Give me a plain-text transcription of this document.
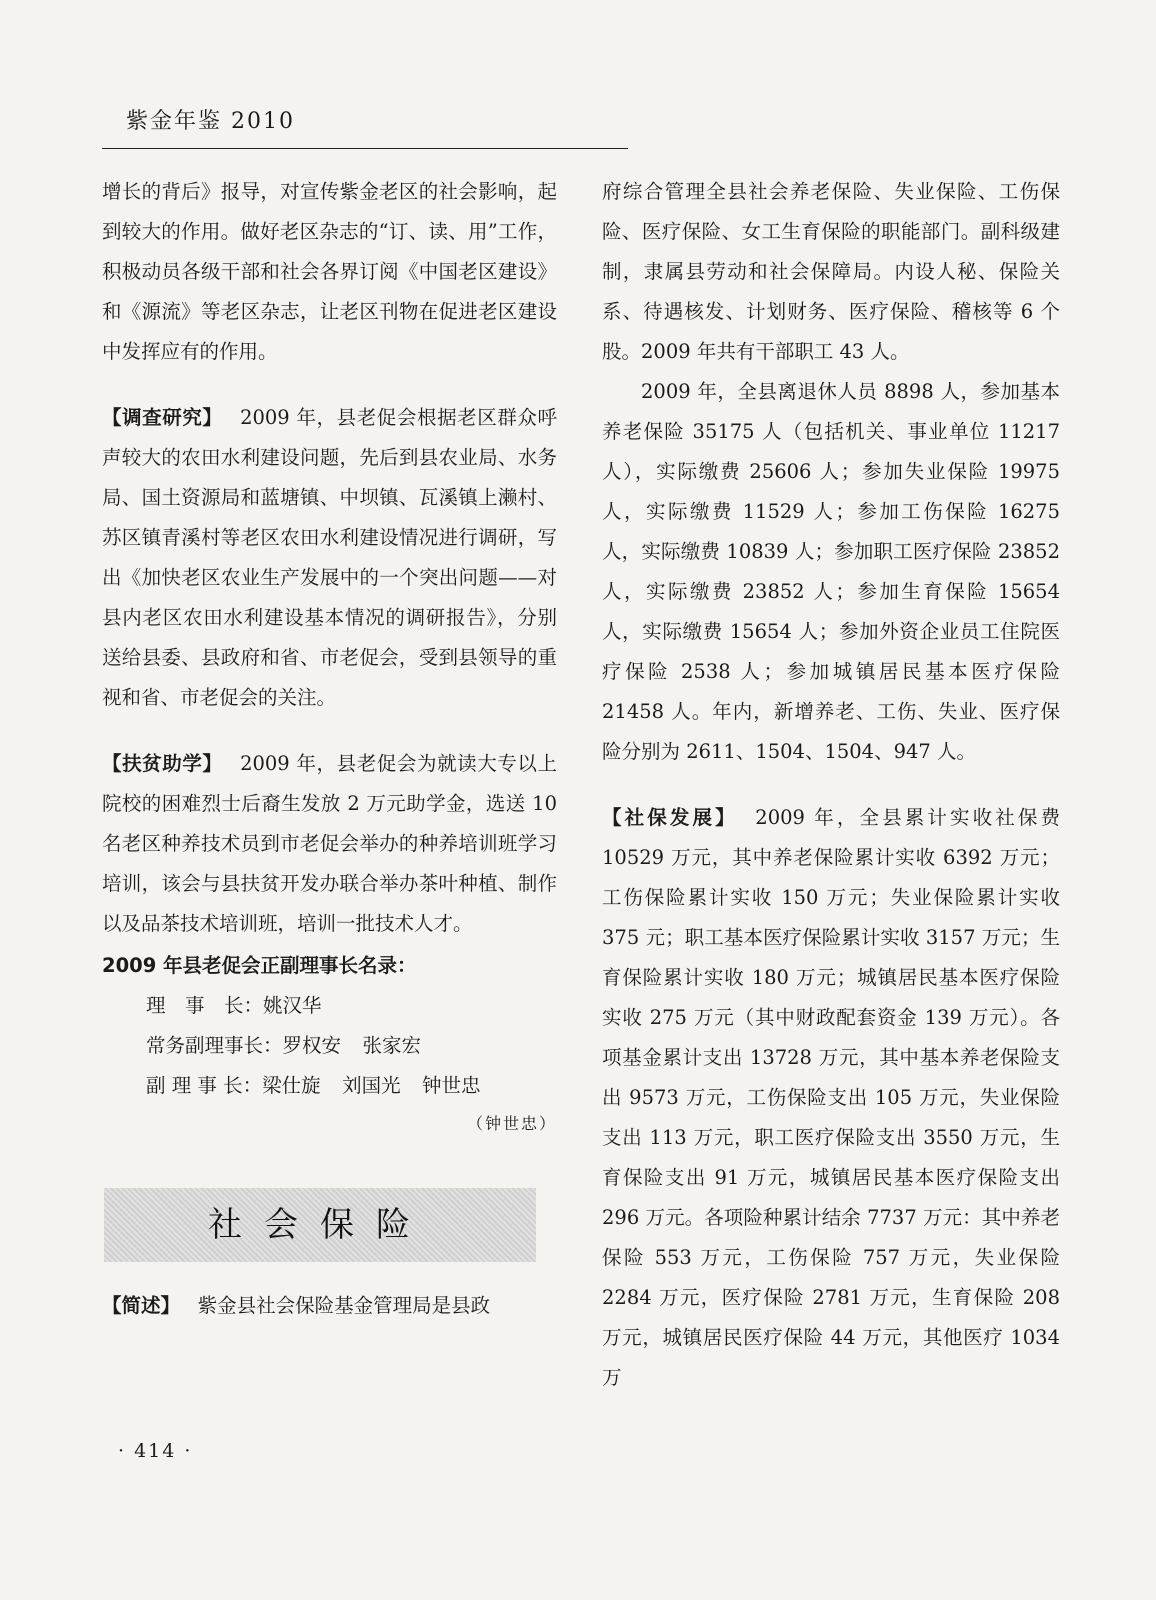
紫金年鉴 2010

增长的背后》报导，对宣传紫金老区的社会影响，起到较大的作用。做好老区杂志的“订、读、用”工作，积极动员各级干部和社会各界订阅《中国老区建设》和《源流》等老区杂志，让老区刊物在促进老区建设中发挥应有的作用。

【调查研究】 2009 年，县老促会根据老区群众呼声较大的农田水利建设问题，先后到县农业局、水务局、国土资源局和蓝塘镇、中坝镇、瓦溪镇上濑村、苏区镇青溪村等老区农田水利建设情况进行调研，写出《加快老区农业生产发展中的一个突出问题——对县内老区农田水利建设基本情况的调研报告》，分别送给县委、县政府和省、市老促会，受到县领导的重视和省、市老促会的关注。

【扶贫助学】 2009 年，县老促会为就读大专以上院校的困难烈士后裔生发放 2 万元助学金，选送 10 名老区种养技术员到市老促会举办的种养培训班学习培训，该会与县扶贫开发办联合举办茶叶种植、制作以及品茶技术培训班，培训一批技术人才。

2009 年县老促会正副理事长名录：
理　事　长：姚汉华
常务副理事长：罗权安 张家宏
副 理 事 长：梁仕旋 刘国光 钟世忠
（钟世忠）
社会保险

【简述】 紫金县社会保险基金管理局是县政

府综合管理全县社会养老保险、失业保险、工伤保险、医疗保险、女工生育保险的职能部门。副科级建制，隶属县劳动和社会保障局。内设人秘、保险关系、待遇核发、计划财务、医疗保险、稽核等 6 个股。2009 年共有干部职工 43 人。

2009 年，全县离退休人员 8898 人，参加基本养老保险 35175 人（包括机关、事业单位 11217 人），实际缴费 25606 人；参加失业保险 19975 人，实际缴费 11529 人；参加工伤保险 16275 人，实际缴费 10839 人；参加职工医疗保险 23852 人，实际缴费 23852 人；参加生育保险 15654 人，实际缴费 15654 人；参加外资企业员工住院医疗保险 2538 人；参加城镇居民基本医疗保险 21458 人。年内，新增养老、工伤、失业、医疗保险分别为 2611、1504、1504、947 人。

【社保发展】 2009 年，全县累计实收社保费 10529 万元，其中养老保险累计实收 6392 万元；工伤保险累计实收 150 万元；失业保险累计实收 375 元；职工基本医疗保险累计实收 3157 万元；生育保险累计实收 180 万元；城镇居民基本医疗保险实收 275 万元（其中财政配套资金 139 万元）。各项基金累计支出 13728 万元，其中基本养老保险支出 9573 万元，工伤保险支出 105 万元，失业保险支出 113 万元，职工医疗保险支出 3550 万元，生育保险支出 91 万元，城镇居民基本医疗保险支出 296 万元。各项险种累计结余 7737 万元：其中养老保险 553 万元，工伤保险 757 万元，失业保险 2284 万元，医疗保险 2781 万元，生育保险 208 万元，城镇居民医疗保险 44 万元，其他医疗 1034 万

· 414 ·
